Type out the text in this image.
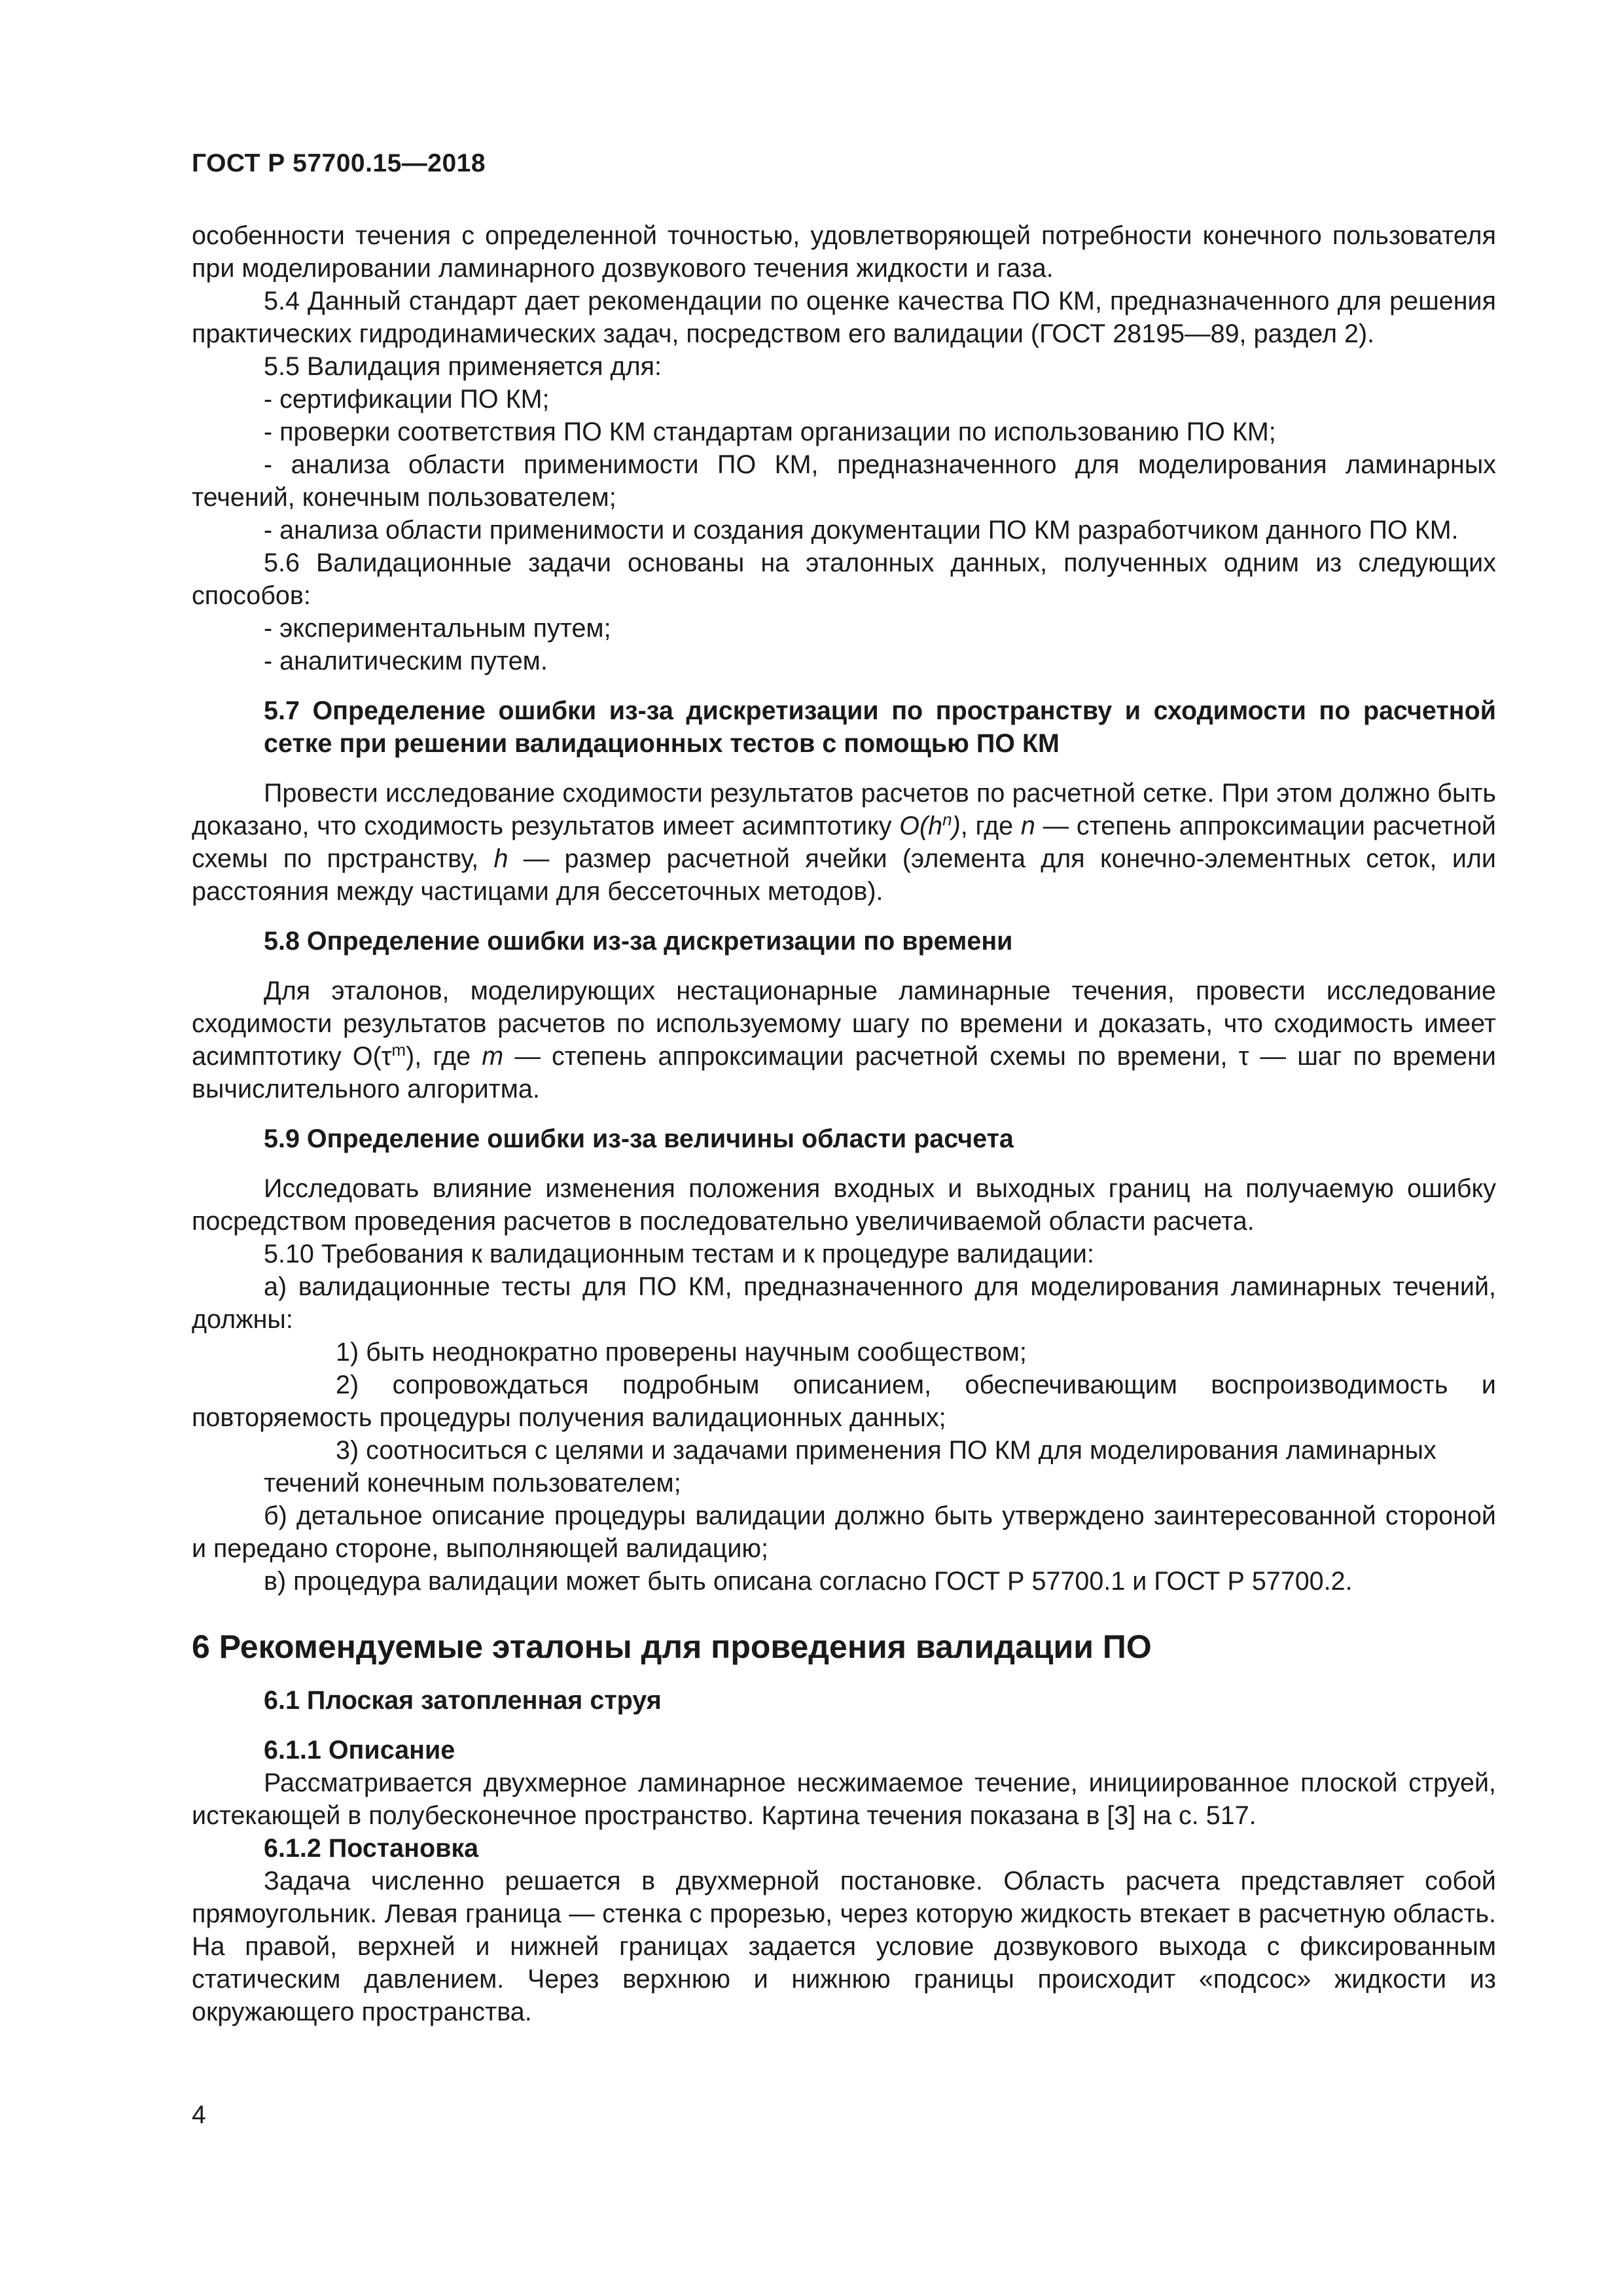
ГОСТ Р 57700.15—2018

особенности течения с определенной точностью, удовлетворяющей потребности конечного пользователя при моделировании ламинарного дозвукового течения жидкости и газа.

5.4 Данный стандарт дает рекомендации по оценке качества ПО КМ, предназначенного для решения практических гидродинамических задач, посредством его валидации (ГОСТ 28195—89, раздел 2).

5.5 Валидация применяется для:

- сертификации ПО КМ;

- проверки соответствия ПО КМ стандартам организации по использованию ПО КМ;

- анализа области применимости ПО КМ, предназначенного для моделирования ламинарных течений, конечным пользователем;

- анализа области применимости и создания документации ПО КМ разработчиком данного ПО КМ.

5.6 Валидационные задачи основаны на эталонных данных, полученных одним из следующих способов:

- экспериментальным путем;

- аналитическим путем.

5.7 Определение ошибки из-за дискретизации по пространству и сходимости по расчетной сетке при решении валидационных тестов с помощью ПО КМ

Провести исследование сходимости результатов расчетов по расчетной сетке. При этом должно быть доказано, что сходимость результатов имеет асимптотику $O(h^n)$, где n — степень аппроксимации расчетной схемы по прстранству, h — размер расчетной ячейки (элемента для конечно-элементных сеток, или расстояния между частицами для бессеточных методов).

5.8 Определение ошибки из-за дискретизации по времени

Для эталонов, моделирующих нестационарные ламинарные течения, провести исследование сходимости результатов расчетов по используемому шагу по времени и доказать, что сходимость имеет асимптотику $O(\tau^m)$, где m — степень аппроксимации расчетной схемы по времени, τ — шаг по времени вычислительного алгоритма.

5.9 Определение ошибки из-за величины области расчета

Исследовать влияние изменения положения входных и выходных границ на получаемую ошибку посредством проведения расчетов в последовательно увеличиваемой области расчета.

5.10 Требования к валидационным тестам и к процедуре валидации:

а) валидационные тесты для ПО КМ, предназначенного для моделирования ламинарных течений, должны:

1) быть неоднократно проверены научным сообществом;

2) сопровождаться подробным описанием, обеспечивающим воспроизводимость и повторяемость процедуры получения валидационных данных;

3) соотноситься с целями и задачами применения ПО КМ для моделирования ламинарных

течений конечным пользователем;

б) детальное описание процедуры валидации должно быть утверждено заинтересованной стороной и передано стороне, выполняющей валидацию;

в) процедура валидации может быть описана согласно ГОСТ Р 57700.1 и ГОСТ Р 57700.2.

6 Рекомендуемые эталоны для проведения валидации ПО

6.1 Плоская затопленная струя

6.1.1 Описание

Рассматривается двухмерное ламинарное несжимаемое течение, инициированное плоской струей, истекающей в полубесконечное пространство. Картина течения показана в [3] на с. 517.

6.1.2 Постановка

Задача численно решается в двухмерной постановке. Область расчета представляет собой прямоугольник. Левая граница — стенка с прорезью, через которую жидкость втекает в расчетную область. На правой, верхней и нижней границах задается условие дозвукового выхода с фиксированным статическим давлением. Через верхнюю и нижнюю границы происходит «подсос» жидкости из окружающего пространства.

4
